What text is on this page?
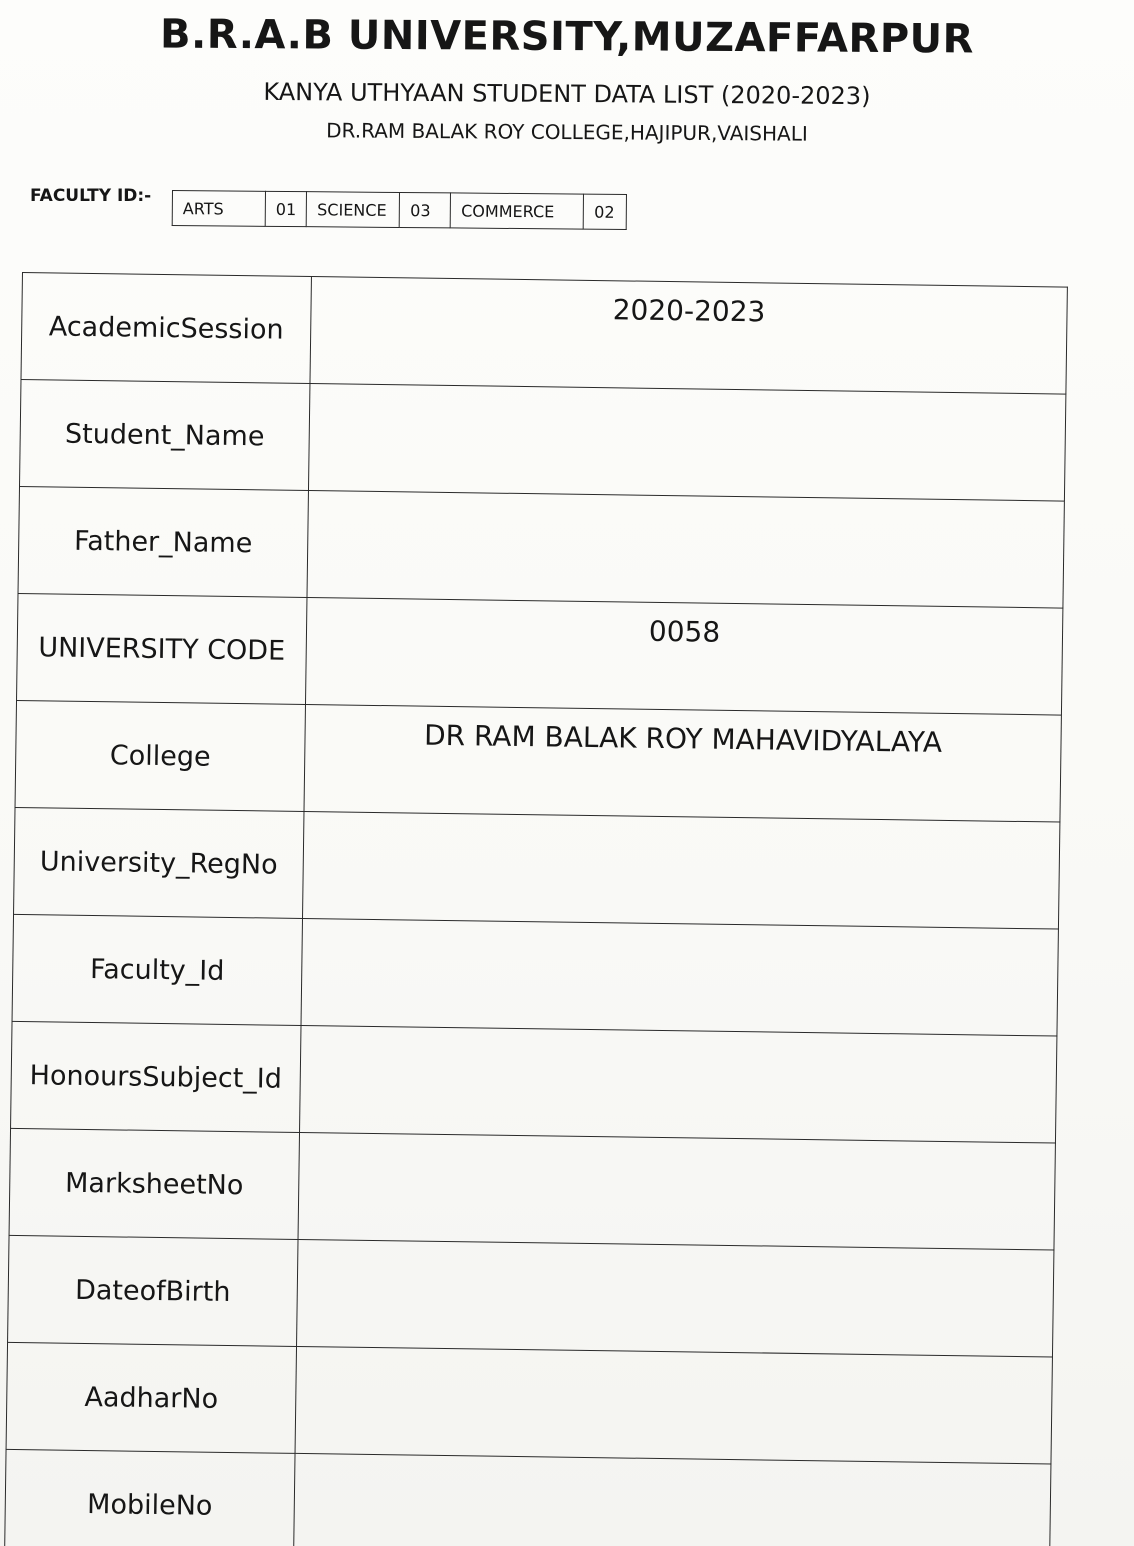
B.R.A.B UNIVERSITY,MUZAFFARPUR
KANYA UTHYAAN STUDENT DATA LIST (2020-2023)
DR.RAM BALAK ROY COLLEGE,HAJIPUR,VAISHALI
FACULTY ID:-
ARTS	01	SCIENCE	03	COMMERCE	02
AcademicSession	2020-2023
Student_Name	
Father_Name	
UNIVERSITY CODE	0058
College	DR RAM BALAK ROY MAHAVIDYALAYA
University_RegNo	
Faculty_Id	
HonoursSubject_Id	
MarksheetNo	
DateofBirth	
AadharNo	
MobileNo	
